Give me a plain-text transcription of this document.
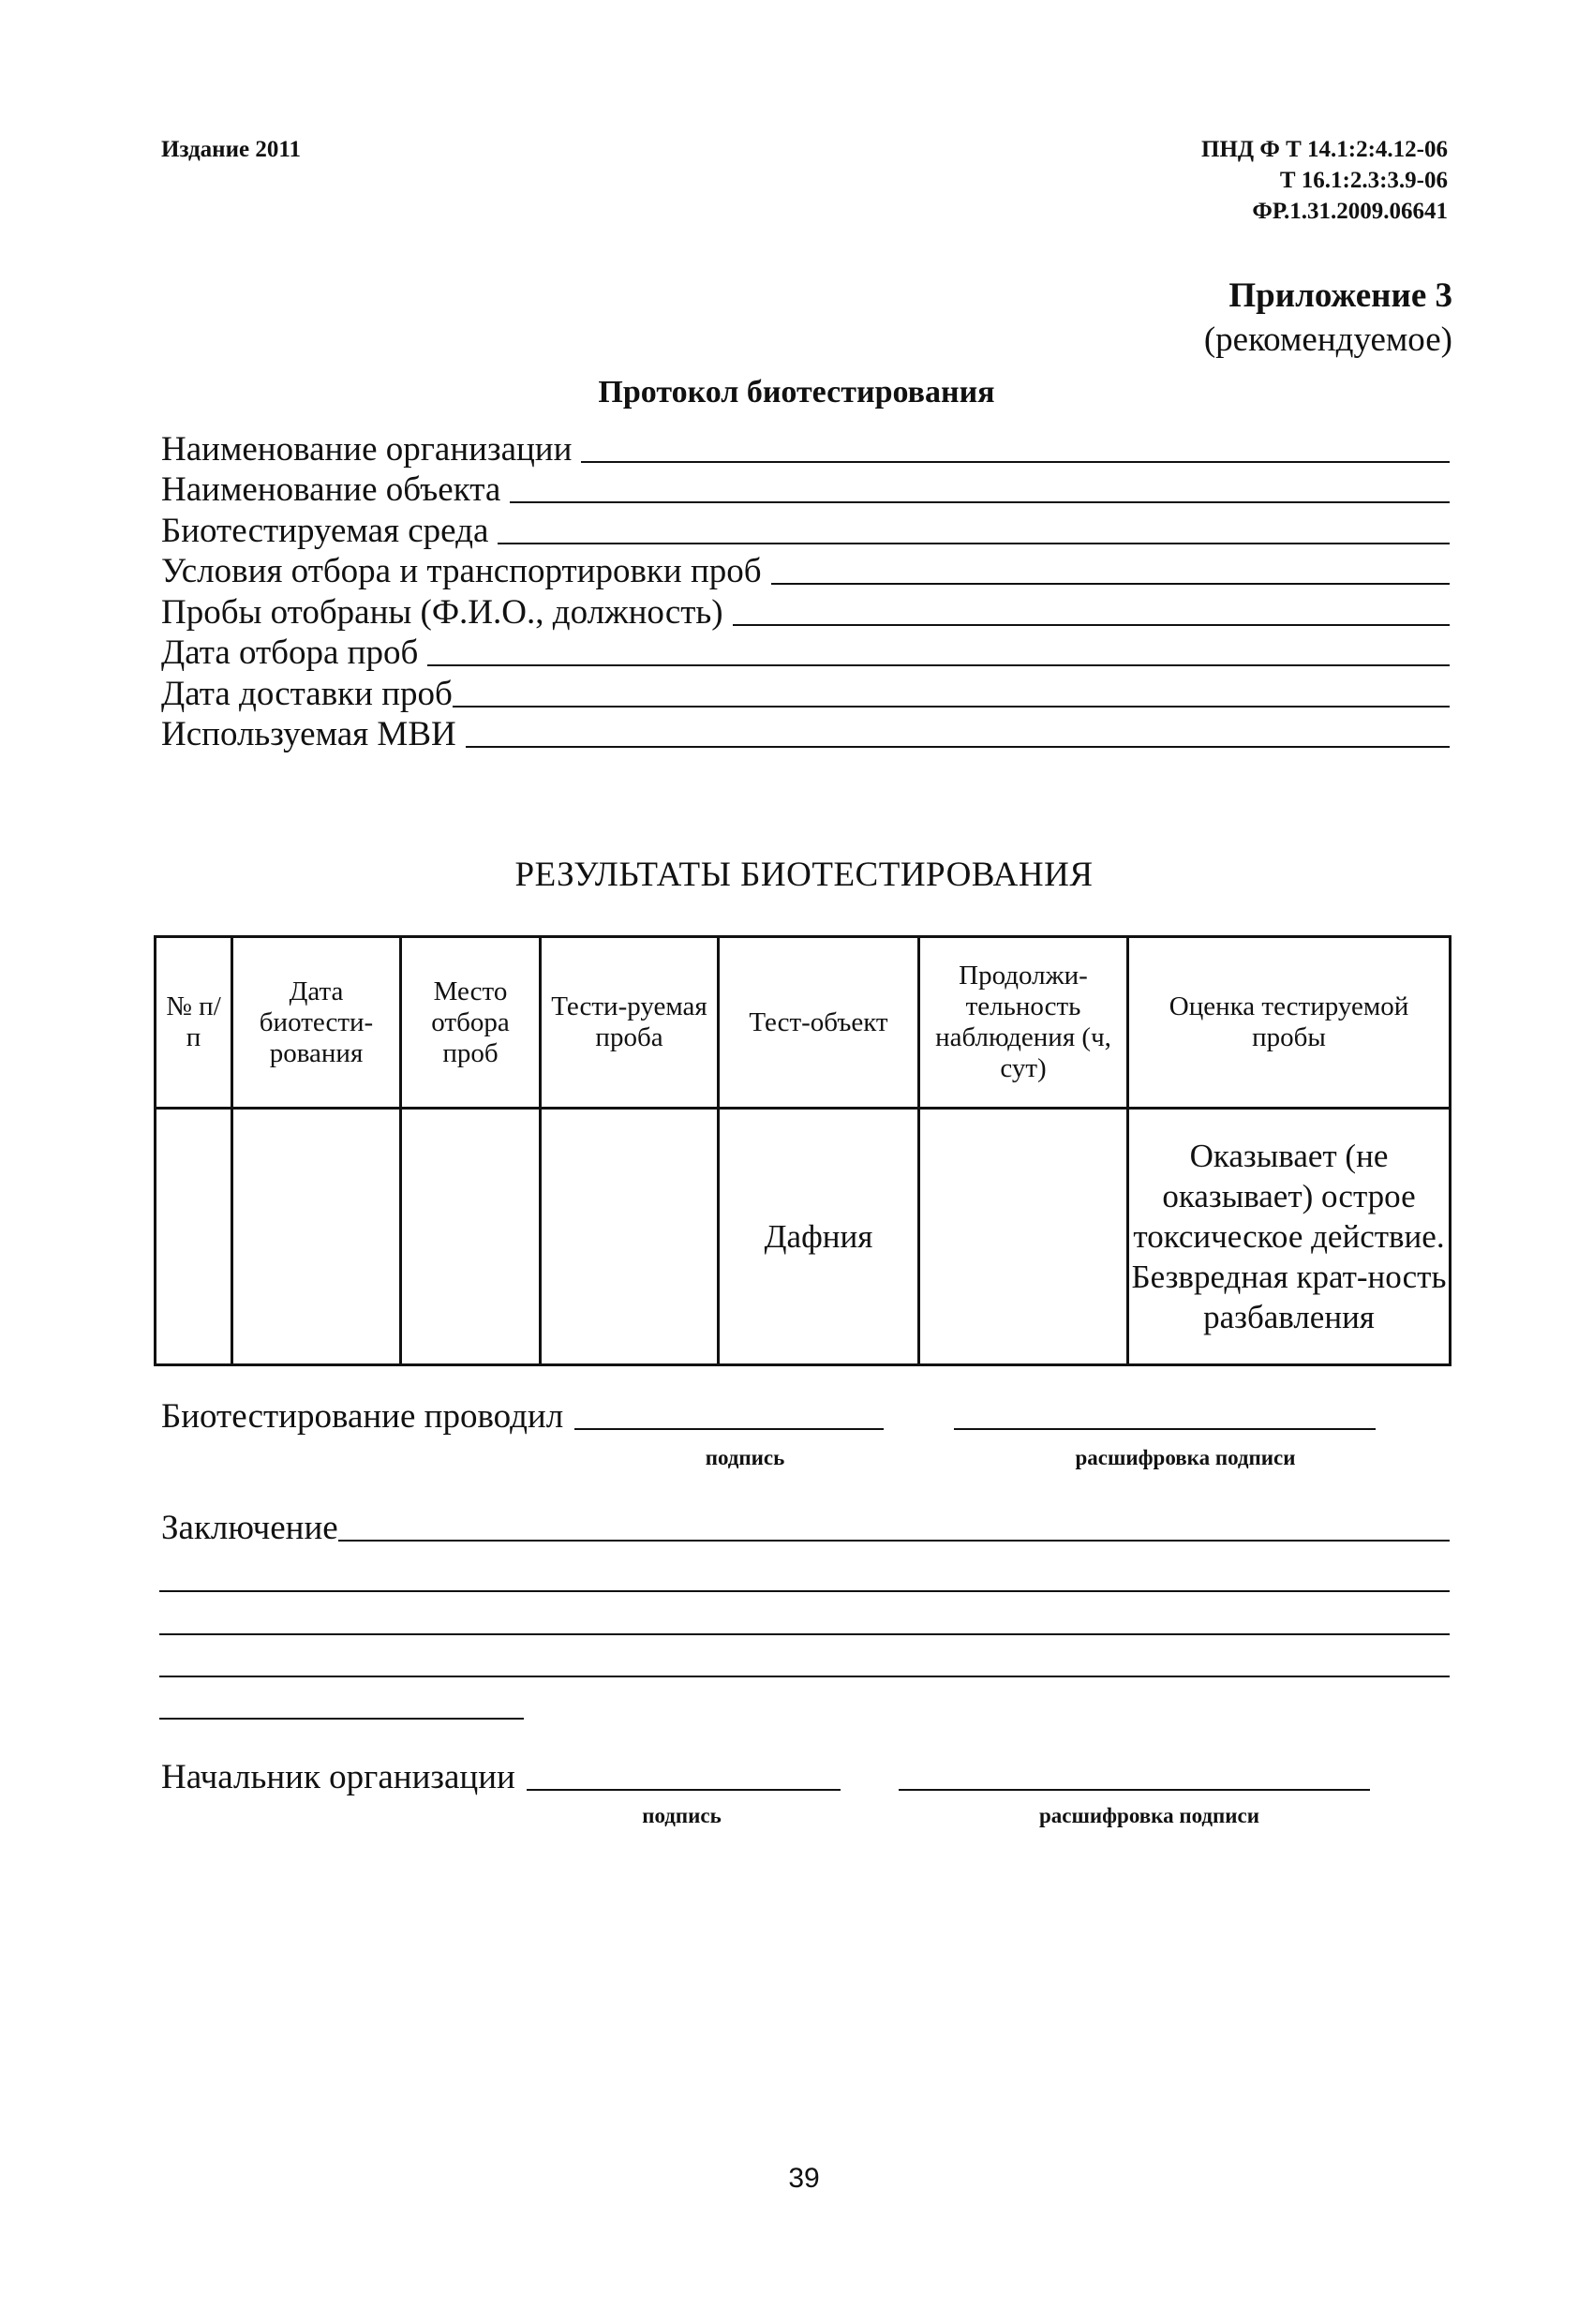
Издание 2011	ПНД Ф Т 14.1:2:4.12-06
Т 16.1:2.3:3.9-06
ФР.1.31.2009.06641
Приложение 3
(рекомендуемое)
Протокол биотестирования
Наименование организации
Наименование объекта
Биотестируемая среда
Условия отбора и транспортировки проб
Пробы отобраны (Ф.И.О., должность)
Дата отбора проб
Дата доставки проб
Используемая МВИ
РЕЗУЛЬТАТЫ БИОТЕСТИРОВАНИЯ
№ п/п	Дата биотести-рования	Место отбора проб	Тести-руемая проба	Тест-объект	Продолжи-тельность наблюдения (ч, сут)	Оценка тестируемой пробы
				Дафния		Оказывает (не оказывает) острое токсическое действие. Безвредная крат-ность разбавления
Биотестирование проводил
подпись	расшифровка подписи
Заключение
Начальник организации
подпись	расшифровка подписи
39
